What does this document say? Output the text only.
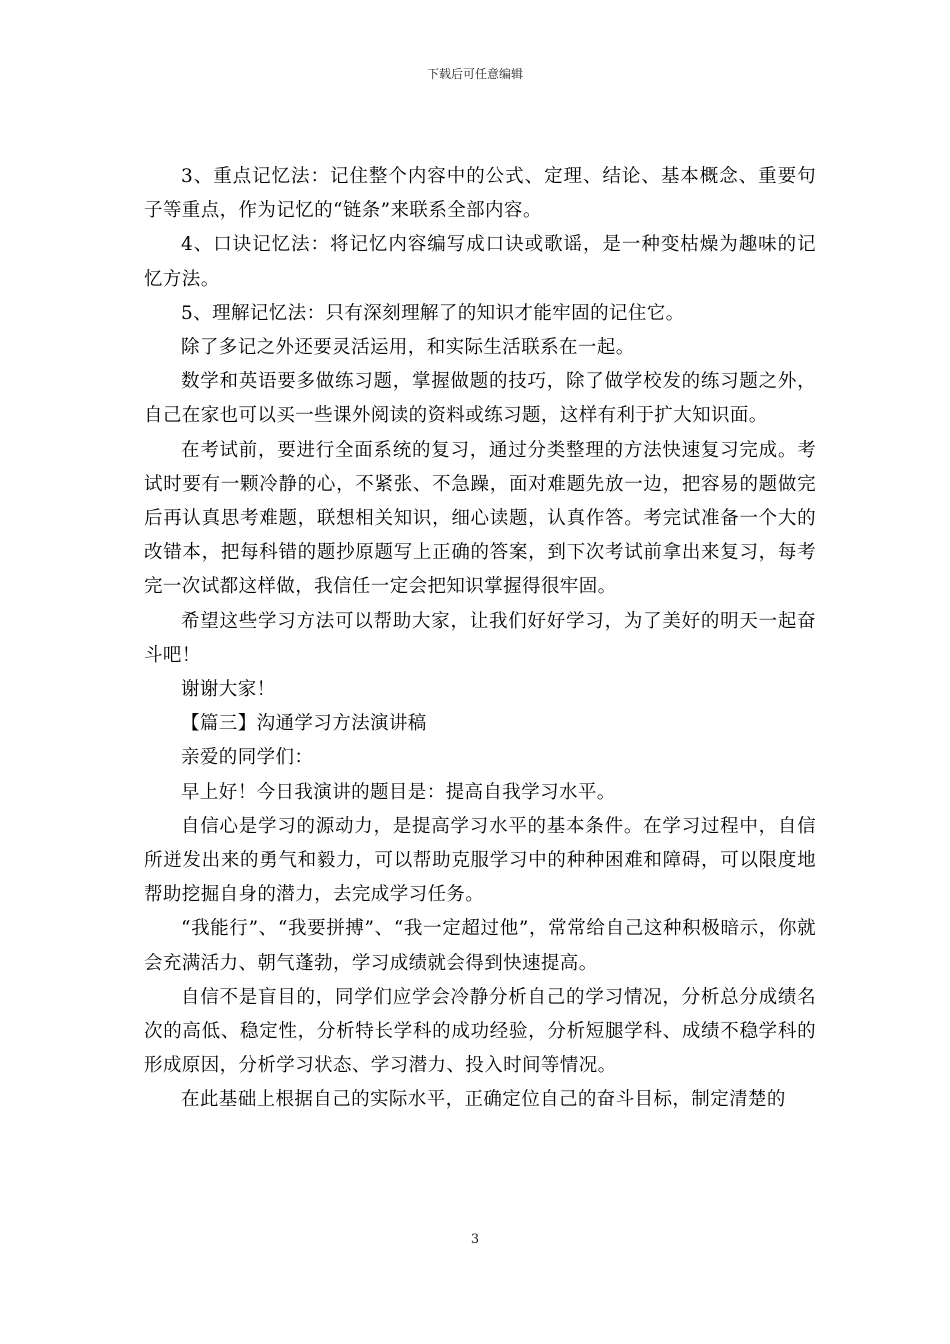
下载后可任意编辑

3、重点记忆法：记住整个内容中的公式、定理、结论、基本概念、重要句子等重点，作为记忆的“链条”来联系全部内容。

4、口诀记忆法：将记忆内容编写成口诀或歌谣，是一种变枯燥为趣味的记忆方法。

5、理解记忆法：只有深刻理解了的知识才能牢固的记住它。

除了多记之外还要灵活运用，和实际生活联系在一起。

数学和英语要多做练习题，掌握做题的技巧，除了做学校发的练习题之外，自己在家也可以买一些课外阅读的资料或练习题，这样有利于扩大知识面。

在考试前，要进行全面系统的复习，通过分类整理的方法快速复习完成。考试时要有一颗冷静的心，不紧张、不急躁，面对难题先放一边，把容易的题做完后再认真思考难题，联想相关知识，细心读题，认真作答。考完试准备一个大的改错本，把每科错的题抄原题写上正确的答案，到下次考试前拿出来复习，每考完一次试都这样做，我信任一定会把知识掌握得很牢固。

希望这些学习方法可以帮助大家，让我们好好学习，为了美好的明天一起奋斗吧！

谢谢大家！

【篇三】沟通学习方法演讲稿

亲爱的同学们：

早上好！今日我演讲的题目是：提高自我学习水平。

自信心是学习的源动力，是提高学习水平的基本条件。在学习过程中，自信所迸发出来的勇气和毅力，可以帮助克服学习中的种种困难和障碍，可以限度地帮助挖掘自身的潜力，去完成学习任务。

“我能行”、“我要拼搏”、“我一定超过他”，常常给自己这种积极暗示，你就会充满活力、朝气蓬勃，学习成绩就会得到快速提高。

自信不是盲目的，同学们应学会冷静分析自己的学习情况，分析总分成绩名次的高低、稳定性，分析特长学科的成功经验，分析短腿学科、成绩不稳学科的形成原因，分析学习状态、学习潜力、投入时间等情况。

在此基础上根据自己的实际水平，正确定位自己的奋斗目标，制定清楚的

3
